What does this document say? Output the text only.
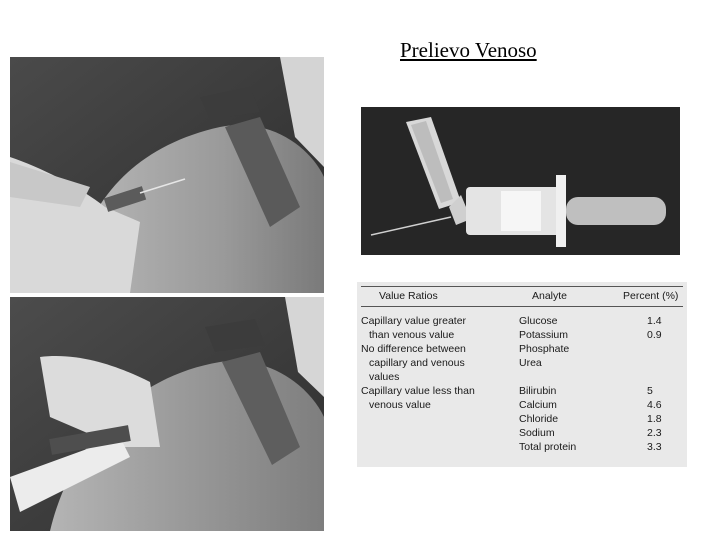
Prelievo Venoso
Value Ratios	Analyte	Percent (%)
Capillary value greater
than venous value
No difference between
capillary and venous
values
Capillary value less than
venous value
Glucose
Potassium
Phosphate
Urea
Bilirubin
Calcium
Chloride
Sodium
Total protein
1.4
0.9
5
4.6
1.8
2.3
3.3
